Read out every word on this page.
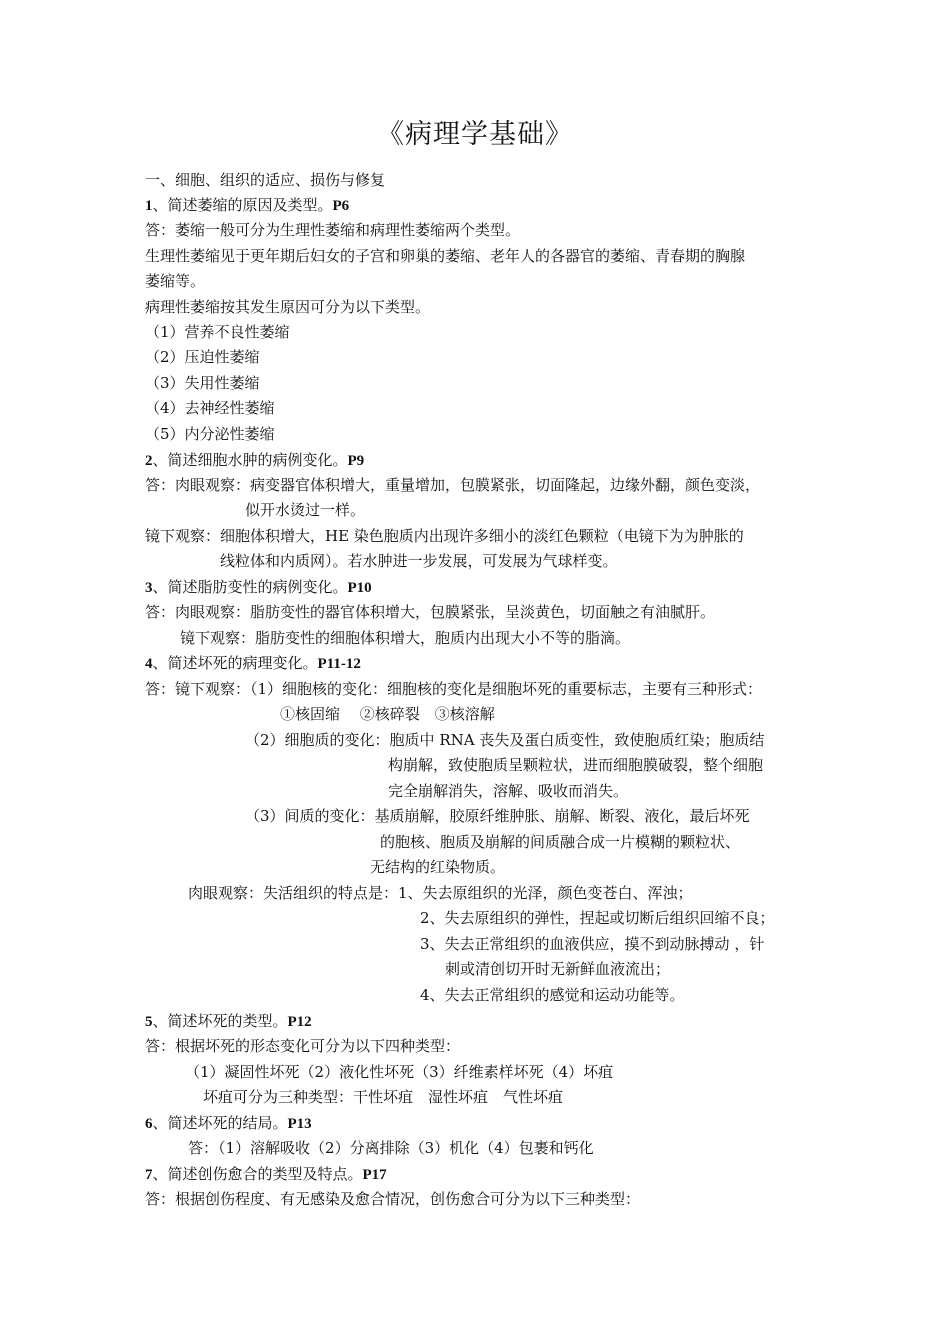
《病理学基础》
一、细胞、组织的适应、损伤与修复
1、简述萎缩的原因及类型。P6
答：萎缩一般可分为生理性萎缩和病理性萎缩两个类型。
生理性萎缩见于更年期后妇女的子宫和卵巢的萎缩、老年人的各器官的萎缩、青春期的胸腺
萎缩等。
病理性萎缩按其发生原因可分为以下类型。
（1）营养不良性萎缩
（2）压迫性萎缩
（3）失用性萎缩
（4）去神经性萎缩
（5）内分泌性萎缩
2、简述细胞水肿的病例变化。P9
答：肉眼观察：病变器官体积增大，重量增加，包膜紧张，切面隆起，边缘外翻，颜色变淡，
似开水烫过一样。
镜下观察：细胞体积增大，HE 染色胞质内出现许多细小的淡红色颗粒（电镜下为为肿胀的
线粒体和内质网）。若水肿进一步发展，可发展为气球样变。
3、简述脂肪变性的病例变化。P10
答：肉眼观察：脂肪变性的器官体积增大，包膜紧张，呈淡黄色，切面触之有油腻肝。
镜下观察：脂肪变性的细胞体积增大，胞质内出现大小不等的脂滴。
4、简述坏死的病理变化。P11-12
答：镜下观察：（1）细胞核的变化：细胞核的变化是细胞坏死的重要标志，主要有三种形式：
①核固缩　 ②核碎裂　③核溶解
（2）细胞质的变化：胞质中 RNA 丧失及蛋白质变性，致使胞质红染；胞质结
构崩解，致使胞质呈颗粒状，进而细胞膜破裂，整个细胞
完全崩解消失，溶解、吸收而消失。
（3）间质的变化：基质崩解，胶原纤维肿胀、崩解、断裂、液化，最后坏死
的胞核、胞质及崩解的间质融合成一片模糊的颗粒状、
无结构的红染物质。
肉眼观察：失活组织的特点是：1、失去原组织的光泽，颜色变苍白、浑浊；
2、失去原组织的弹性，捏起或切断后组织回缩不良；
3、失去正常组织的血液供应，摸不到动脉搏动 ，针
刺或清创切开时无新鲜血液流出；
4、失去正常组织的感觉和运动功能等。
5、简述坏死的类型。P12
答：根据坏死的形态变化可分为以下四种类型：
（1）凝固性坏死（2）液化性坏死（3）纤维素样坏死（4）坏疽
坏疽可分为三种类型：干性坏疽　湿性坏疽　气性坏疽
6、简述坏死的结局。P13
答：（1）溶解吸收（2）分离排除（3）机化（4）包裹和钙化
7、简述创伤愈合的类型及特点。P17
答：根据创伤程度、有无感染及愈合情况，创伤愈合可分为以下三种类型：
